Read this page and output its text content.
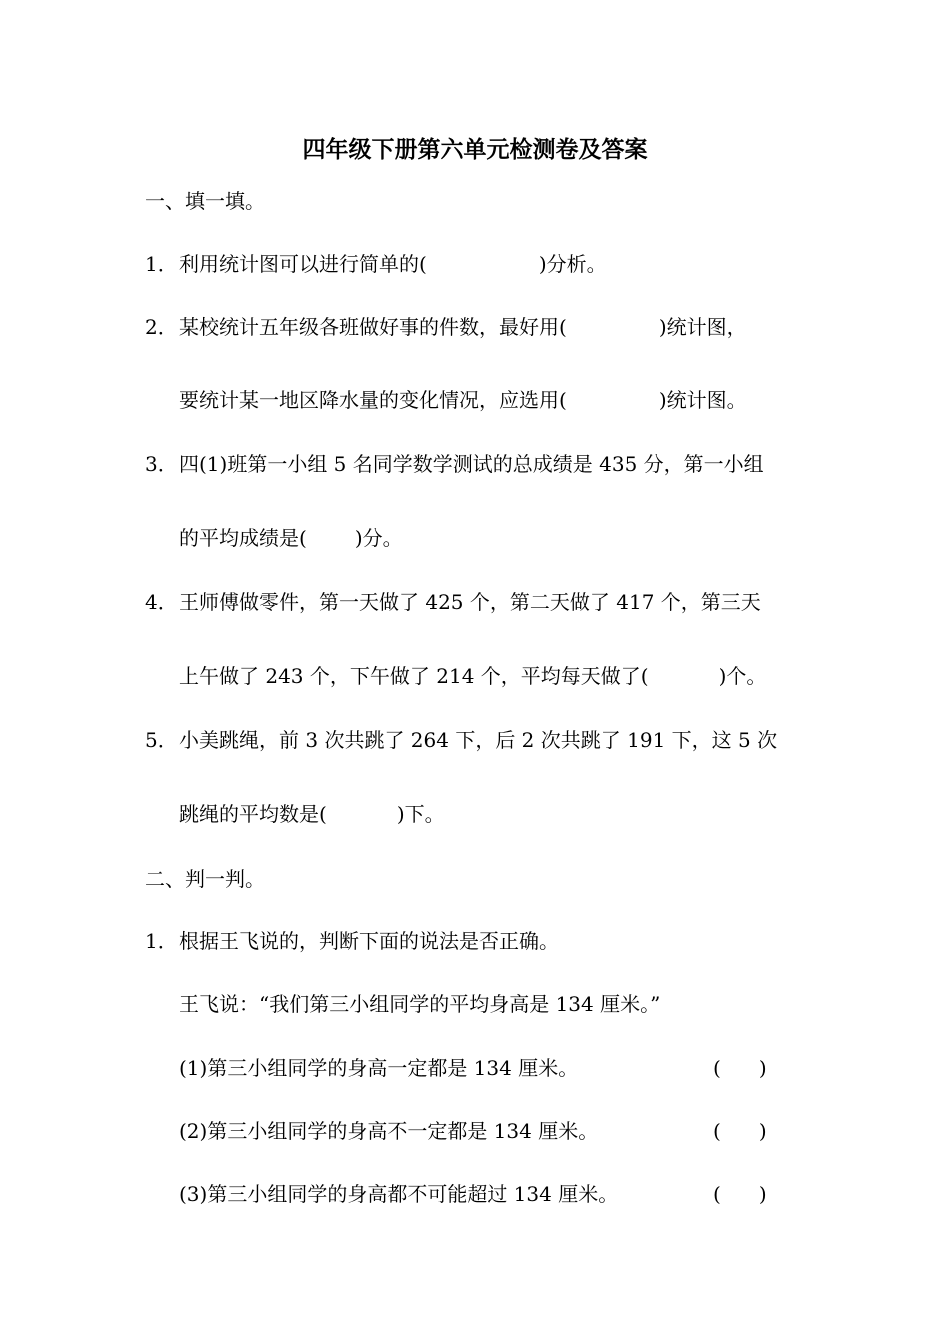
四年级下册第六单元检测卷及答案
一、填一填。
1．利用统计图可以进行简单的(	)分析。
2．某校统计五年级各班做好事的件数，最好用(	)统计图，
要统计某一地区降水量的变化情况，应选用(	)统计图。
3．四(1)班第一小组 5 名同学数学测试的总成绩是 435 分，第一小组
的平均成绩是( )分。
4．王师傅做零件，第一天做了 425 个，第二天做了 417 个，第三天
上午做了 243 个，下午做了 214 个，平均每天做了(	)个。
5．小美跳绳，前 3 次共跳了 264 下，后 2 次共跳了 191 下，这 5 次
跳绳的平均数是(	)下。
二、判一判。
1．根据王飞说的，判断下面的说法是否正确。
王飞说：“我们第三小组同学的平均身高是 134 厘米。”
(1)第三小组同学的身高一定都是 134 厘米。	( )
(2)第三小组同学的身高不一定都是 134 厘米。	( )
(3)第三小组同学的身高都不可能超过 134 厘米。	( )
